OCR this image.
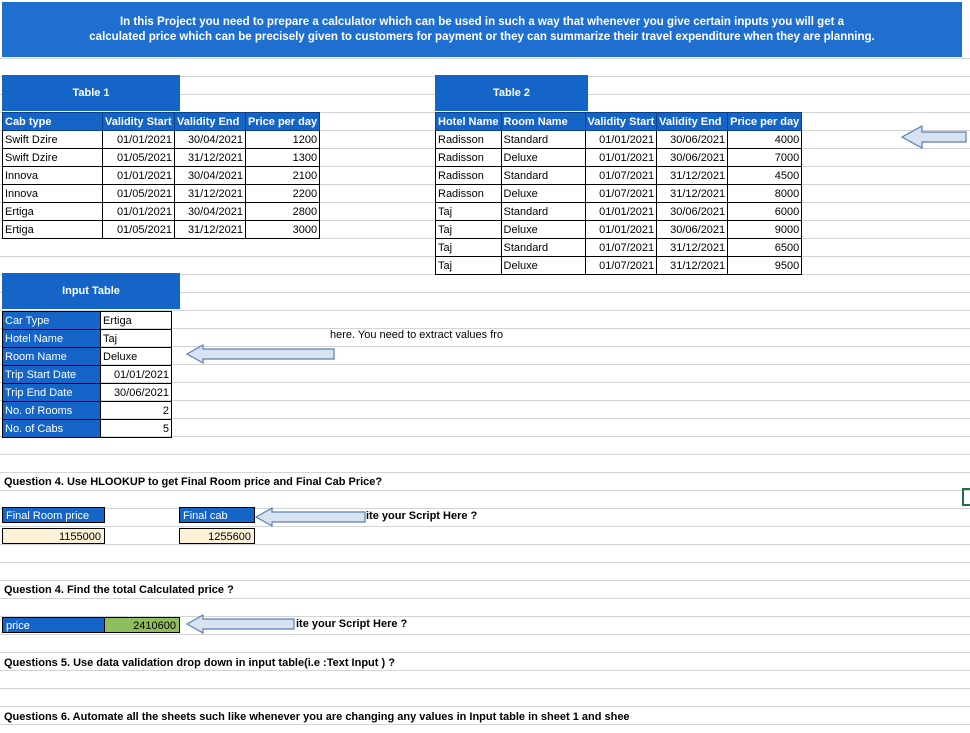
In this Project you need to prepare a calculator which can be used in such a way that whenever you give certain inputs you will get a
calculated price which can be precisely given to customers for payment or they can summarize their travel expenditure when they are planning.
Table 1
Cab type	Validity Start	Validity End	Price per day
Swift Dzire	01/01/2021	30/04/2021	1200
Swift Dzire	01/05/2021	31/12/2021	1300
Innova	01/01/2021	30/04/2021	2100
Innova	01/05/2021	31/12/2021	2200
Ertiga	01/01/2021	30/04/2021	2800
Ertiga	01/05/2021	31/12/2021	3000
Table 2
Hotel Name	Room Name	Validity Start	Validity End	Price per day
Radisson	Standard	01/01/2021	30/06/2021	4000
Radisson	Deluxe	01/01/2021	30/06/2021	7000
Radisson	Standard	01/07/2021	31/12/2021	4500
Radisson	Deluxe	01/07/2021	31/12/2021	8000
Taj	Standard	01/01/2021	30/06/2021	6000
Taj	Deluxe	01/01/2021	30/06/2021	9000
Taj	Standard	01/07/2021	31/12/2021	6500
Taj	Deluxe	01/07/2021	31/12/2021	9500
Input Table
Car Type	Ertiga
Hotel Name	Taj
Room Name	Deluxe
Trip Start Date	01/01/2021
Trip End Date	30/06/2021
No. of Rooms	2
No. of Cabs	5
here. You need to extract values fro
Question 4. Use HLOOKUP to get Final Room price and Final Cab Price?
Final Room price
1155000
Final cab
1255600
ite your Script Here ?
Question 4. Find the total Calculated price ?
price	2410600	ite your Script Here ?
Questions 5. Use data validation drop down in input table(i.e :Text Input ) ?
Questions 6. Automate all the sheets such like whenever you are changing any values in Input table in sheet 1 and shee
